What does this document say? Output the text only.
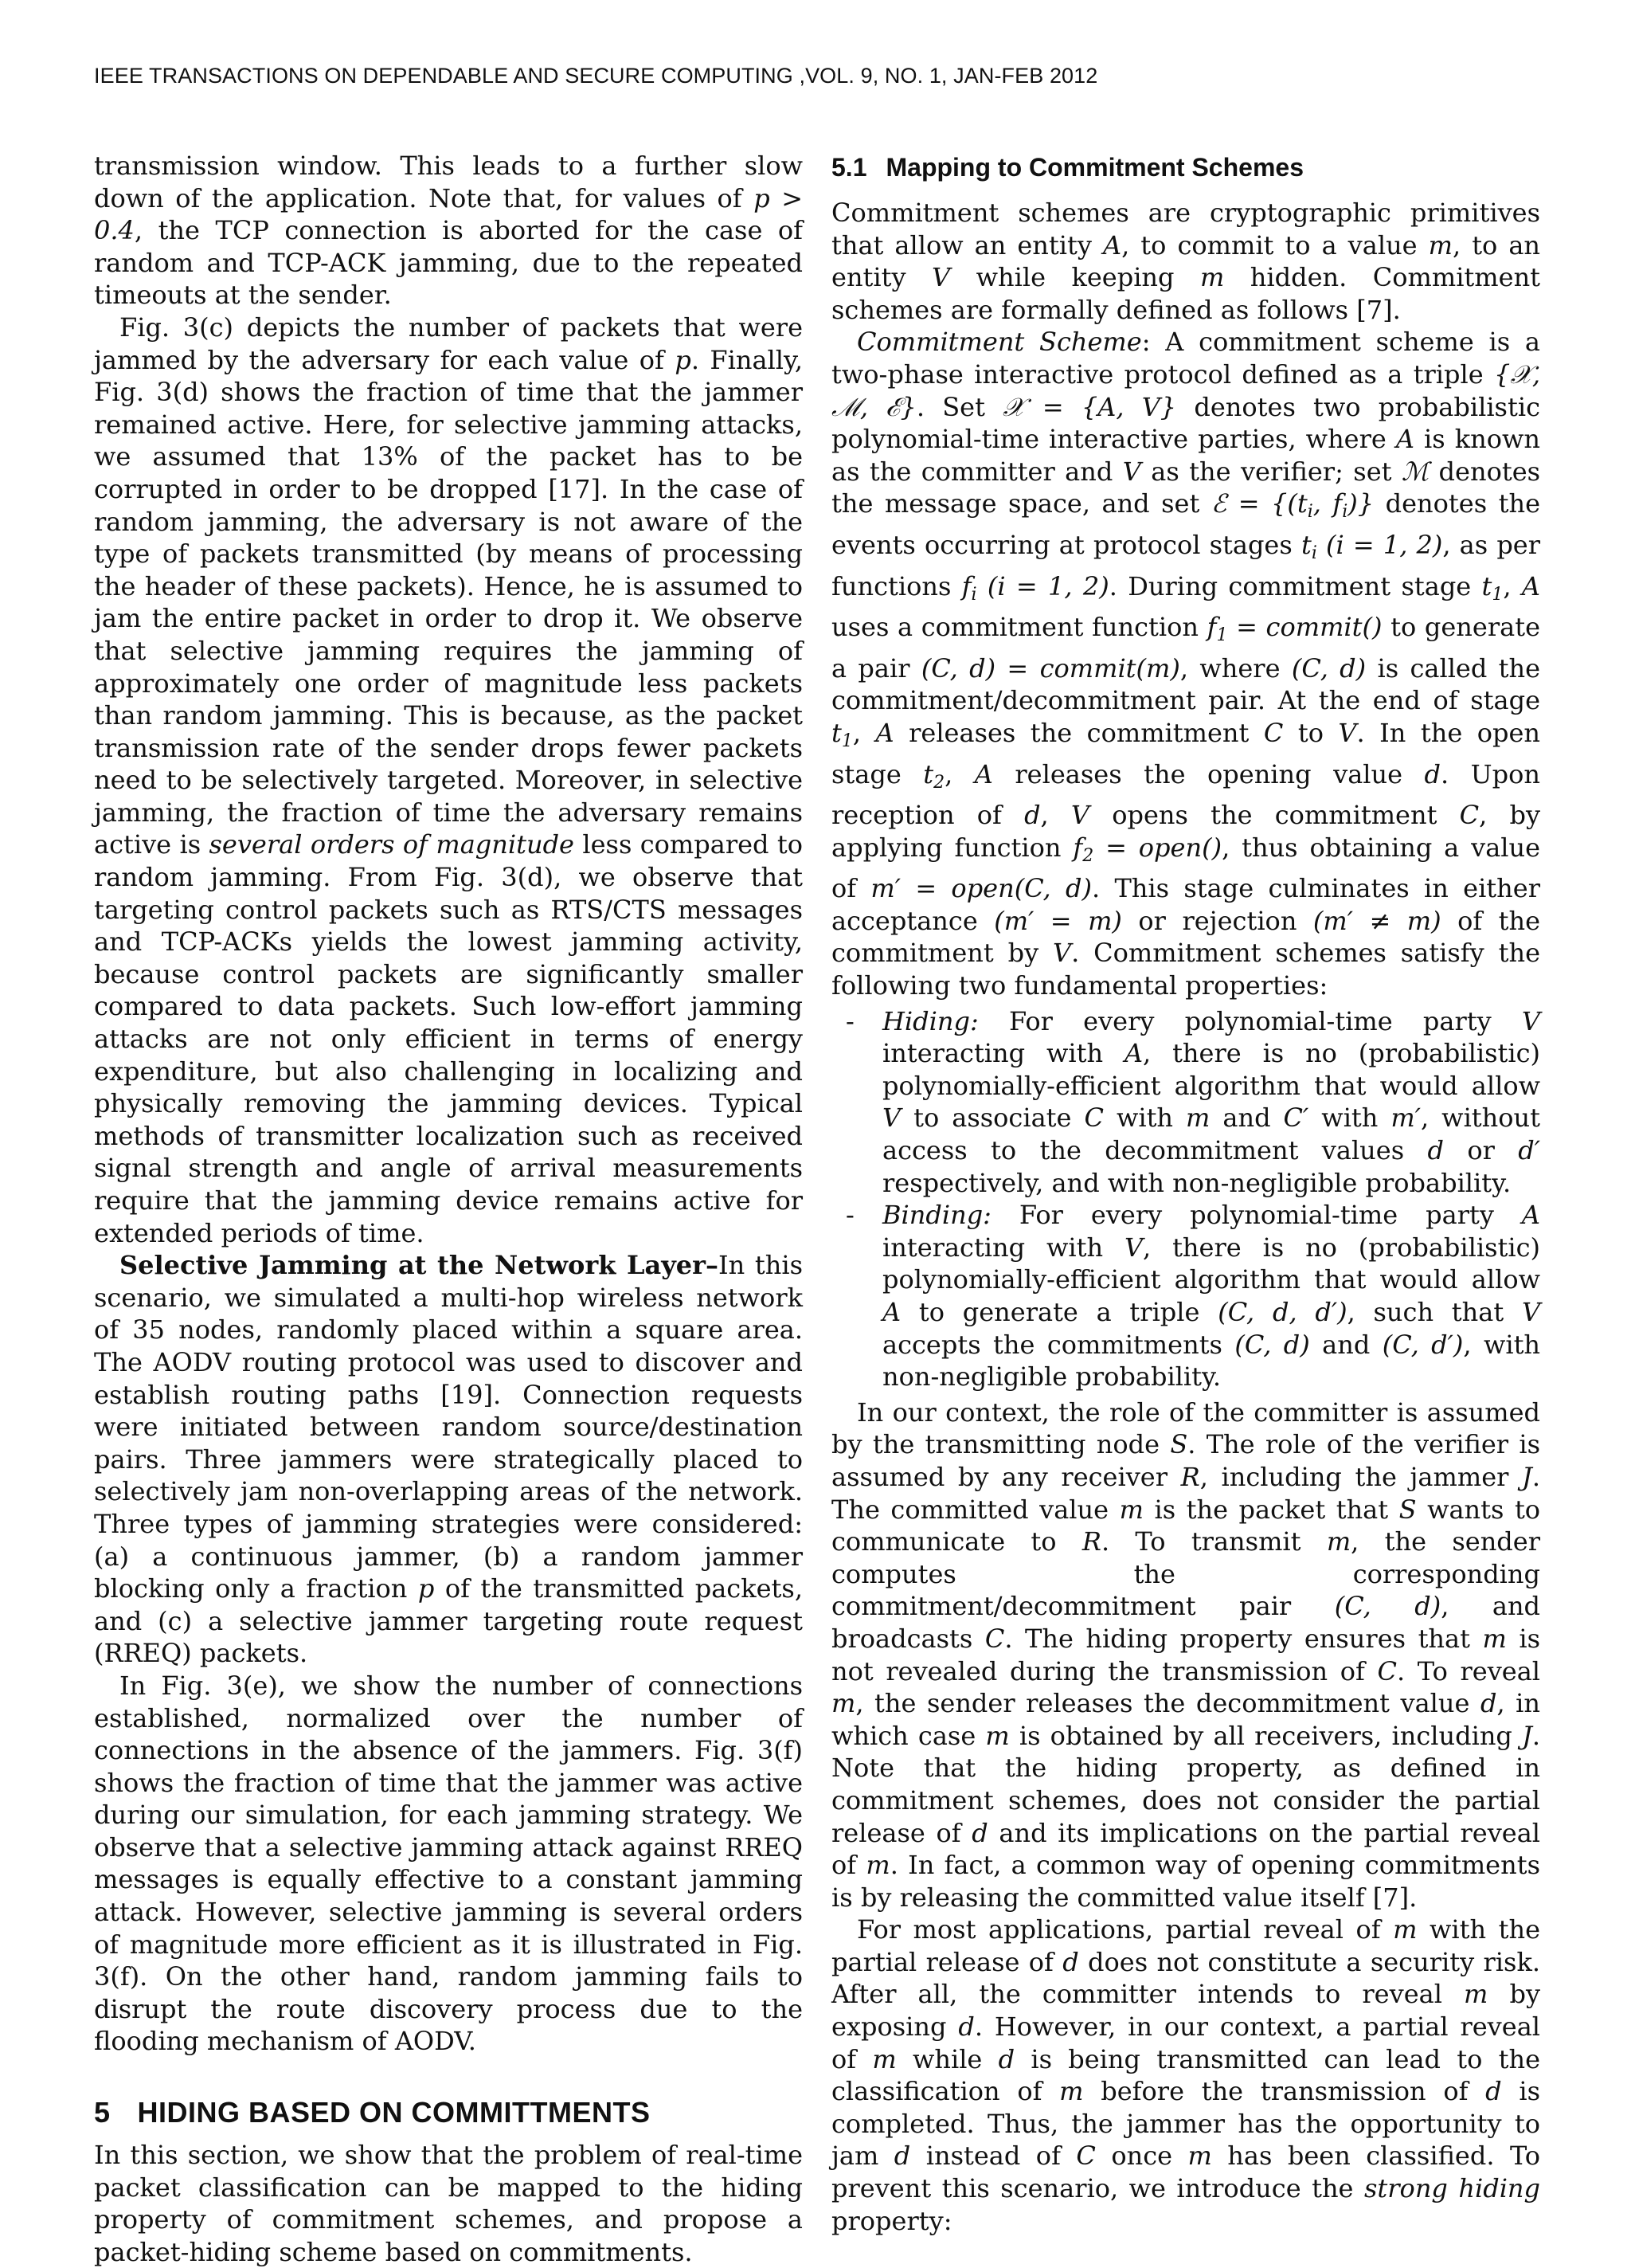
IEEE TRANSACTIONS ON DEPENDABLE AND SECURE COMPUTING ,VOL. 9, NO. 1, JAN-FEB 2012

transmission window. This leads to a further slow down of the application. Note that, for values of p > 0.4, the TCP connection is aborted for the case of random and TCP-ACK jamming, due to the repeated timeouts at the sender.

Fig. 3(c) depicts the number of packets that were jammed by the adversary for each value of p. Finally, Fig. 3(d) shows the fraction of time that the jammer remained active. Here, for selective jamming attacks, we assumed that 13% of the packet has to be corrupted in order to be dropped [17]. In the case of random jamming, the adversary is not aware of the type of packets transmitted (by means of processing the header of these packets). Hence, he is assumed to jam the entire packet in order to drop it. We observe that selective jamming requires the jamming of approximately one order of magnitude less packets than random jamming. This is because, as the packet transmission rate of the sender drops fewer packets need to be selectively targeted. Moreover, in selective jamming, the fraction of time the adversary remains active is several orders of magnitude less compared to random jamming. From Fig. 3(d), we observe that targeting control packets such as RTS/CTS messages and TCP-ACKs yields the lowest jamming activity, because control packets are significantly smaller compared to data packets. Such low-effort jamming attacks are not only efficient in terms of energy expenditure, but also challenging in localizing and physically removing the jamming devices. Typical methods of transmitter localization such as received signal strength and angle of arrival measurements require that the jamming device remains active for extended periods of time.

Selective Jamming at the Network Layer–In this scenario, we simulated a multi-hop wireless network of 35 nodes, randomly placed within a square area. The AODV routing protocol was used to discover and establish routing paths [19]. Connection requests were initiated between random source/destination pairs. Three jammers were strategically placed to selectively jam non-overlapping areas of the network. Three types of jamming strategies were considered: (a) a continuous jammer, (b) a random jammer blocking only a fraction p of the transmitted packets, and (c) a selective jammer targeting route request (RREQ) packets.

In Fig. 3(e), we show the number of connections established, normalized over the number of connections in the absence of the jammers. Fig. 3(f) shows the fraction of time that the jammer was active during our simulation, for each jamming strategy. We observe that a selective jamming attack against RREQ messages is equally effective to a constant jamming attack. However, selective jamming is several orders of magnitude more efficient as it is illustrated in Fig. 3(f). On the other hand, random jamming fails to disrupt the route discovery process due to the flooding mechanism of AODV.

5 HIDING BASED ON COMMITTMENTS

In this section, we show that the problem of real-time packet classification can be mapped to the hiding property of commitment schemes, and propose a packet-hiding scheme based on commitments.

5.1 Mapping to Commitment Schemes

Commitment schemes are cryptographic primitives that allow an entity A, to commit to a value m, to an entity V while keeping m hidden. Commitment schemes are formally defined as follows [7].

Commitment Scheme: A commitment scheme is a two-phase interactive protocol defined as a triple {𝒳, ℳ, ℰ}. Set 𝒳 = {A, V} denotes two probabilistic polynomial-time interactive parties, where A is known as the committer and V as the verifier; set ℳ denotes the message space, and set ℰ = {($t_i$, $f_i$)} denotes the events occurring at protocol stages $t_i$ (i = 1, 2), as per functions $f_i$ (i = 1, 2). During commitment stage $t_1$, A uses a commitment function $f_1$ = commit() to generate a pair (C, d) = commit(m), where (C, d) is called the commitment/decommitment pair. At the end of stage $t_1$, A releases the commitment C to V. In the open stage $t_2$, A releases the opening value d. Upon reception of d, V opens the commitment C, by applying function $f_2$ = open(), thus obtaining a value of m′ = open(C, d). This stage culminates in either acceptance (m′ = m) or rejection (m′ ≠ m) of the commitment by V. Commitment schemes satisfy the following two fundamental properties:

- Hiding: For every polynomial-time party V interacting with A, there is no (probabilistic) polynomially-efficient algorithm that would allow V to associate C with m and C′ with m′, without access to the decommitment values d or d′ respectively, and with non-negligible probability.
- Binding: For every polynomial-time party A interacting with V, there is no (probabilistic) polynomially-efficient algorithm that would allow A to generate a triple (C, d, d′), such that V accepts the commitments (C, d) and (C, d′), with non-negligible probability.

In our context, the role of the committer is assumed by the transmitting node S. The role of the verifier is assumed by any receiver R, including the jammer J. The committed value m is the packet that S wants to communicate to R. To transmit m, the sender computes the corresponding commitment/decommitment pair (C, d), and broadcasts C. The hiding property ensures that m is not revealed during the transmission of C. To reveal m, the sender releases the decommitment value d, in which case m is obtained by all receivers, including J. Note that the hiding property, as defined in commitment schemes, does not consider the partial release of d and its implications on the partial reveal of m. In fact, a common way of opening commitments is by releasing the committed value itself [7].

For most applications, partial reveal of m with the partial release of d does not constitute a security risk. After all, the committer intends to reveal m by exposing d. However, in our context, a partial reveal of m while d is being transmitted can lead to the classification of m before the transmission of d is completed. Thus, the jammer has the opportunity to jam d instead of C once m has been classified. To prevent this scenario, we introduce the strong hiding property:
